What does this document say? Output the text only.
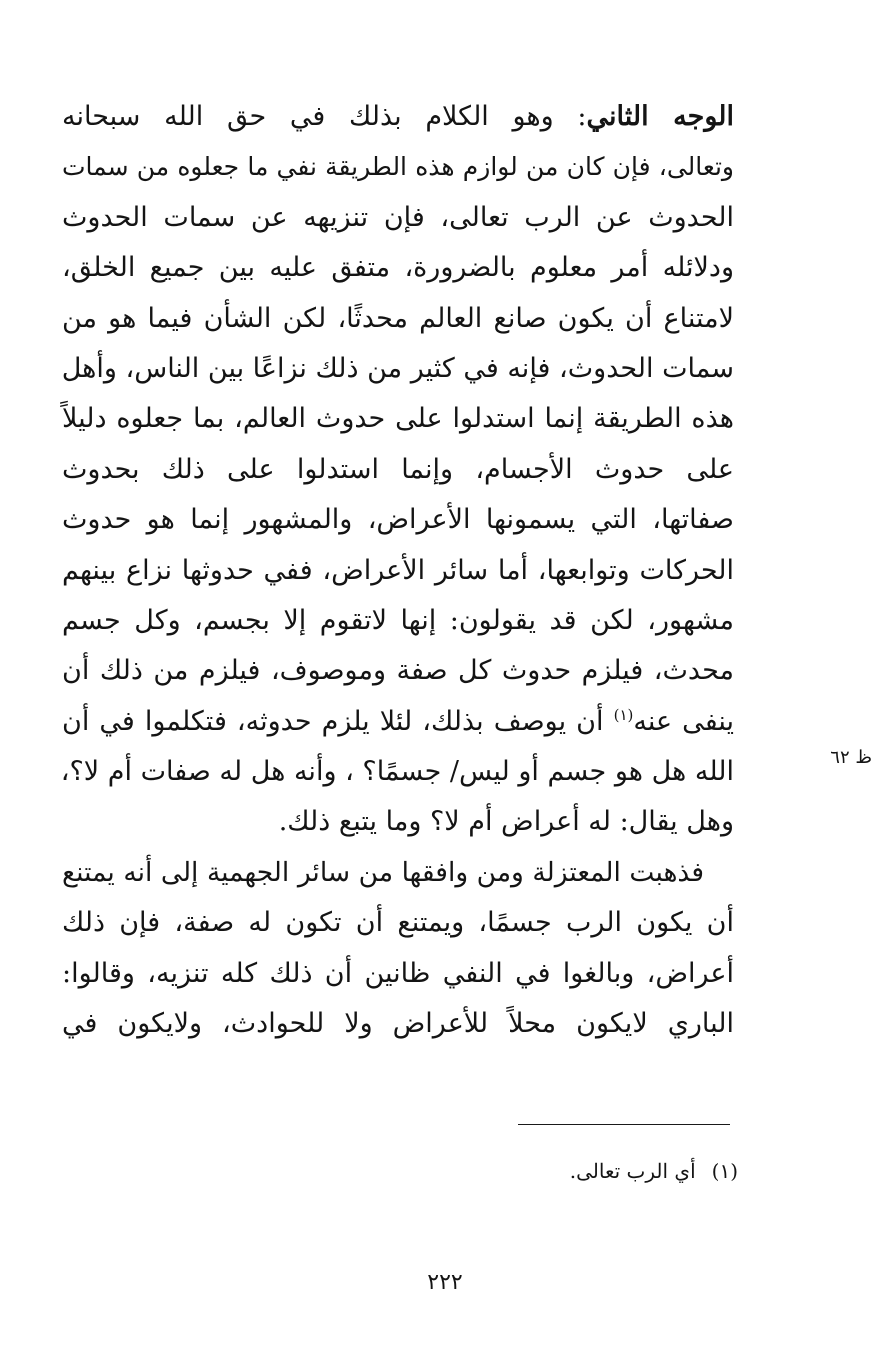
الوجه الثاني: وهو الكلام بذلك في حق الله سبحانه
وتعالى، فإن كان من لوازم هذه الطريقة نفي ما جعلوه من سمات
الحدوث عن الرب تعالى، فإن تنزيهه عن سمات الحدوث
ودلائله أمر معلوم بالضرورة، متفق عليه بين جميع الخلق،
لامتناع أن يكون صانع العالم محدثًا، لكن الشأن فيما هو من
سمات الحدوث، فإنه في كثير من ذلك نزاعًا بين الناس، وأهل
هذه الطريقة إنما استدلوا على حدوث العالم، بما جعلوه دليلاً
على حدوث الأجسام، وإنما استدلوا على ذلك بحدوث
صفاتها، التي يسمونها الأعراض، والمشهور إنما هو حدوث
الحركات وتوابعها، أما سائر الأعراض، ففي حدوثها نزاع بينهم
مشهور، لكن قد يقولون: إنها لاتقوم إلا بجسم، وكل جسم
محدث، فيلزم حدوث كل صفة وموصوف، فيلزم من ذلك أن
ينفى عنه$^{(١)}$ أن يوصف بذلك، لئلا يلزم حدوثه، فتكلموا في أن
الله هل هو جسم أو ليس/ جسمًا؟ ، وأنه هل له صفات أم لا؟،
وهل يقال: له أعراض أم لا؟ وما يتبع ذلك.
فذهبت المعتزلة ومن وافقها من سائر الجهمية إلى أنه يمتنع
أن يكون الرب جسمًا، ويمتنع أن تكون له صفة، فإن ذلك
أعراض، وبالغوا في النفي ظانين أن ذلك كله تنزيه، وقالوا:
الباري لايكون محلاً للأعراض ولا للحوادث، ولايكون في
ظ ٦٢
(١)أي الرب تعالى.
٢٢٢
